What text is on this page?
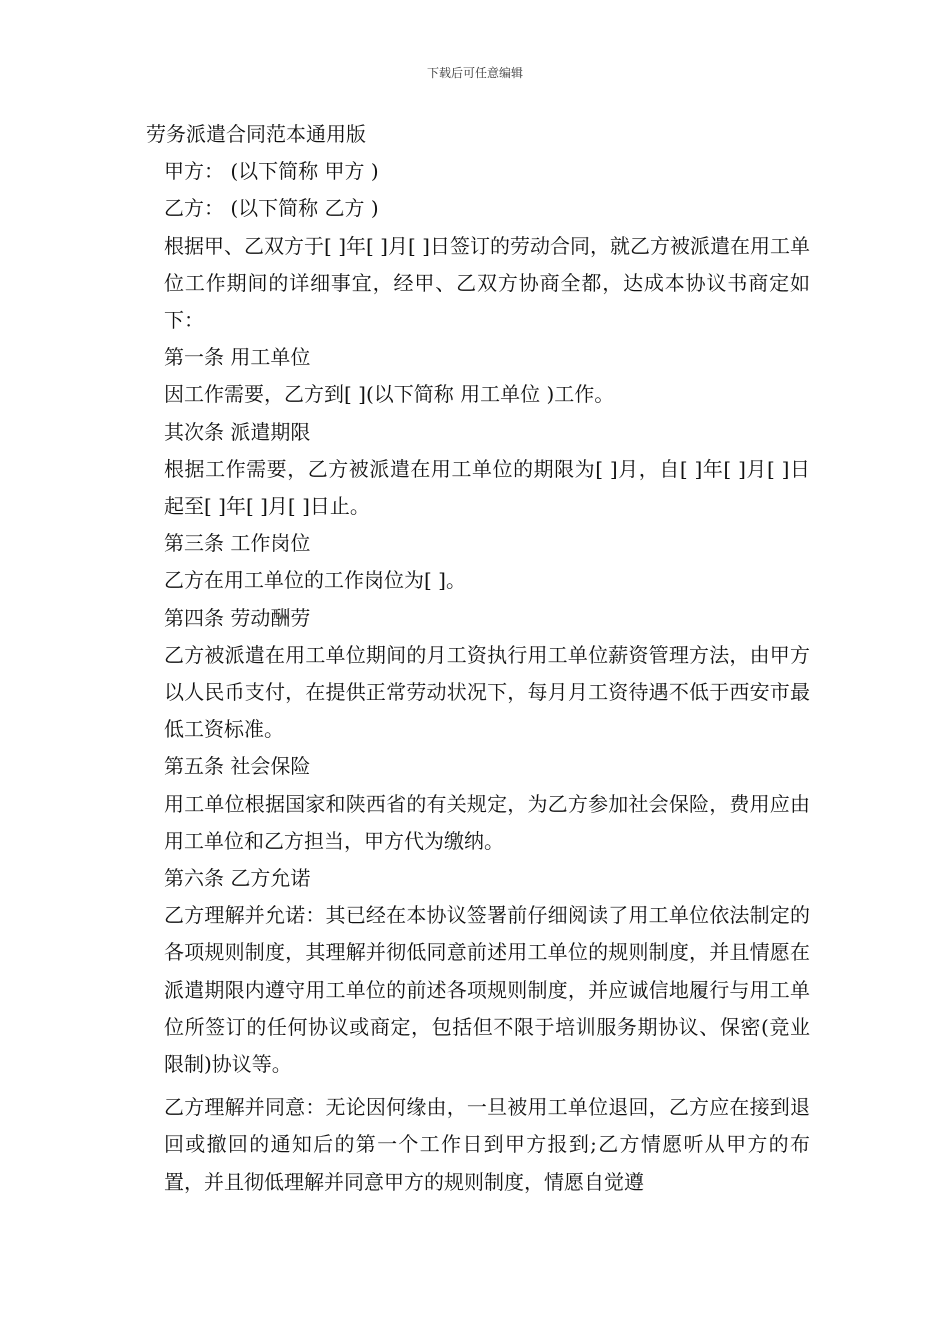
下载后可任意编辑

劳务派遣合同范本通用版

甲方： (以下简称 甲方 )

乙方： (以下简称 乙方 )

根据甲、乙双方于[ ]年[ ]月[ ]日签订的劳动合同，就乙方被派遣在用工单位工作期间的详细事宜，经甲、乙双方协商全都，达成本协议书商定如下：

第一条 用工单位

因工作需要，乙方到[ ](以下简称 用工单位 )工作。

其次条 派遣期限

根据工作需要，乙方被派遣在用工单位的期限为[ ]月，自[ ]年[ ]月[ ]日起至[ ]年[ ]月[ ]日止。

第三条 工作岗位

乙方在用工单位的工作岗位为[ ]。

第四条 劳动酬劳

乙方被派遣在用工单位期间的月工资执行用工单位薪资管理方法，由甲方以人民币支付，在提供正常劳动状况下，每月月工资待遇不低于西安市最低工资标准。

第五条 社会保险

用工单位根据国家和陕西省的有关规定，为乙方参加社会保险，费用应由用工单位和乙方担当，甲方代为缴纳。

第六条 乙方允诺

乙方理解并允诺：其已经在本协议签署前仔细阅读了用工单位依法制定的各项规则制度，其理解并彻低同意前述用工单位的规则制度，并且情愿在派遣期限内遵守用工单位的前述各项规则制度，并应诚信地履行与用工单位所签订的任何协议或商定，包括但不限于培训服务期协议、保密(竞业限制)协议等。

乙方理解并同意：无论因何缘由，一旦被用工单位退回，乙方应在接到退回或撤回的通知后的第一个工作日到甲方报到;乙方情愿听从甲方的布置，并且彻低理解并同意甲方的规则制度，情愿自觉遵
